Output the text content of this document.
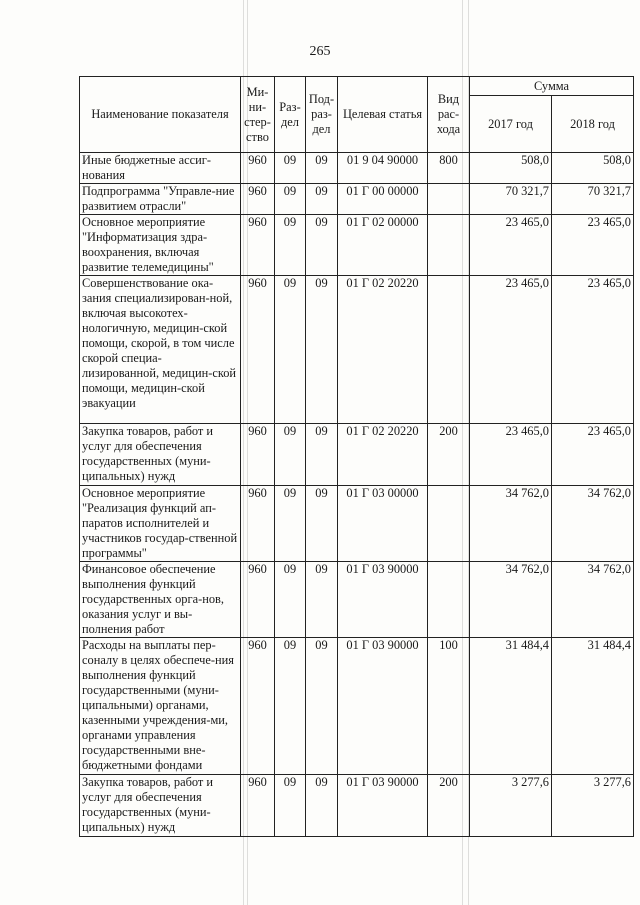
265
Наименование показателя	Ми-ни-стер-ство	Раз-дел	Под-раз-дел	Целевая статья	Вид рас-хода	Сумма	
						2017 год	2018 год
Иные бюджетные ассиг-нования	960	09	09	01 9 04 90000	800	508,0	508,0
Подпрограмма "Управле-ние развитием отрасли"	960	09	09	01 Г 00 00000		70 321,7	70 321,7
Основное мероприятие "Информатизация здра-воохранения, включая развитие телемедицины"	960	09	09	01 Г 02 00000		23 465,0	23 465,0
Совершенствование ока-зания специализирован-ной, включая высокотех-нологичную, медицин-ской помощи, скорой, в том числе скорой специа-лизированной, медицин-ской помощи, медицин-ской эвакуации	960	09	09	01 Г 02 20220		23 465,0	23 465,0
Закупка товаров, работ и услуг для обеспечения государственных (муни-ципальных) нужд	960	09	09	01 Г 02 20220	200	23 465,0	23 465,0
Основное мероприятие "Реализация функций ап-паратов исполнителей и участников государ-ственной программы"	960	09	09	01 Г 03 00000		34 762,0	34 762,0
Финансовое обеспечение выполнения функций государственных орга-нов, оказания услуг и вы-полнения работ	960	09	09	01 Г 03 90000		34 762,0	34 762,0
Расходы на выплаты пер-соналу в целях обеспече-ния выполнения функций государственными (муни-ципальными) органами, казенными учреждения-ми, органами управления государственными вне-бюджетными фондами	960	09	09	01 Г 03 90000	100	31 484,4	31 484,4
Закупка товаров, работ и услуг для обеспечения государственных (муни-ципальных) нужд	960	09	09	01 Г 03 90000	200	3 277,6	3 277,6
